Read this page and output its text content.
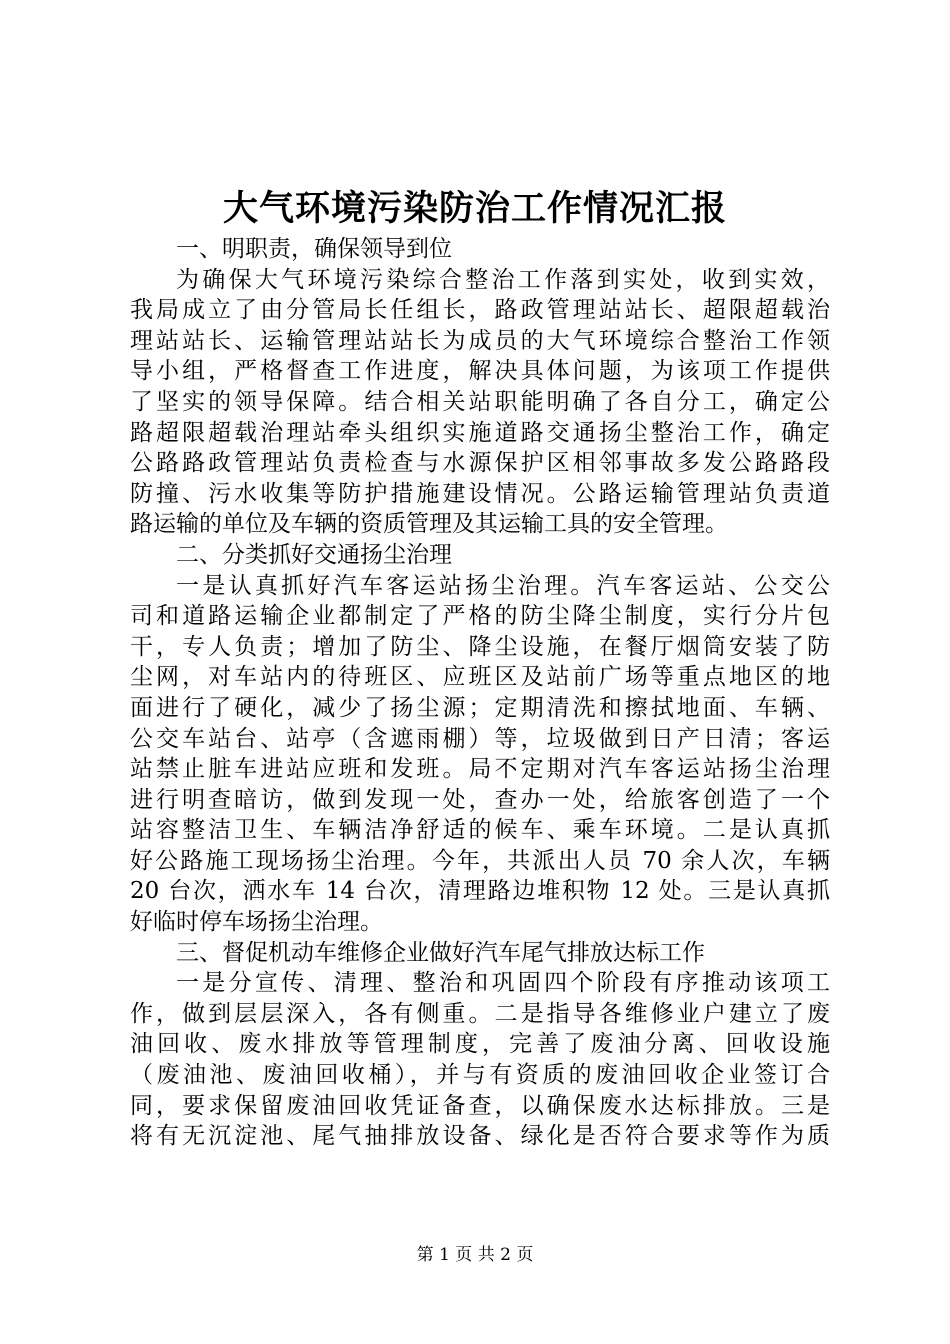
大气环境污染防治工作情况汇报
一、明职责，确保领导到位
为确保大气环境污染综合整治工作落到实处，收到实效，
我局成立了由分管局长任组长，路政管理站站长、超限超载治
理站站长、运输管理站站长为成员的大气环境综合整治工作领
导小组，严格督查工作进度，解决具体问题，为该项工作提供
了坚实的领导保障。结合相关站职能明确了各自分工，确定公
路超限超载治理站牵头组织实施道路交通扬尘整治工作，确定
公路路政管理站负责检查与水源保护区相邻事故多发公路路段
防撞、污水收集等防护措施建设情况。公路运输管理站负责道
路运输的单位及车辆的资质管理及其运输工具的安全管理。
二、分类抓好交通扬尘治理
一是认真抓好汽车客运站扬尘治理。汽车客运站、公交公
司和道路运输企业都制定了严格的防尘降尘制度，实行分片包
干，专人负责；增加了防尘、降尘设施，在餐厅烟筒安装了防
尘网，对车站内的待班区、应班区及站前广场等重点地区的地
面进行了硬化，减少了扬尘源；定期清洗和擦拭地面、车辆、
公交车站台、站亭（含遮雨棚）等，垃圾做到日产日清；客运
站禁止脏车进站应班和发班。局不定期对汽车客运站扬尘治理
进行明查暗访，做到发现一处，查办一处，给旅客创造了一个
站容整洁卫生、车辆洁净舒适的候车、乘车环境。二是认真抓
好公路施工现场扬尘治理。今年，共派出人员 70 余人次，车辆
20 台次，洒水车 14 台次，清理路边堆积物 12 处。三是认真抓
好临时停车场扬尘治理。
三、督促机动车维修企业做好汽车尾气排放达标工作
一是分宣传、清理、整治和巩固四个阶段有序推动该项工
作，做到层层深入，各有侧重。二是指导各维修业户建立了废
油回收、废水排放等管理制度，完善了废油分离、回收设施
（废油池、废油回收桶），并与有资质的废油回收企业签订合
同，要求保留废油回收凭证备查，以确保废水达标排放。三是
将有无沉淀池、尾气抽排放设备、绿化是否符合要求等作为质
第 1 页 共 2 页
